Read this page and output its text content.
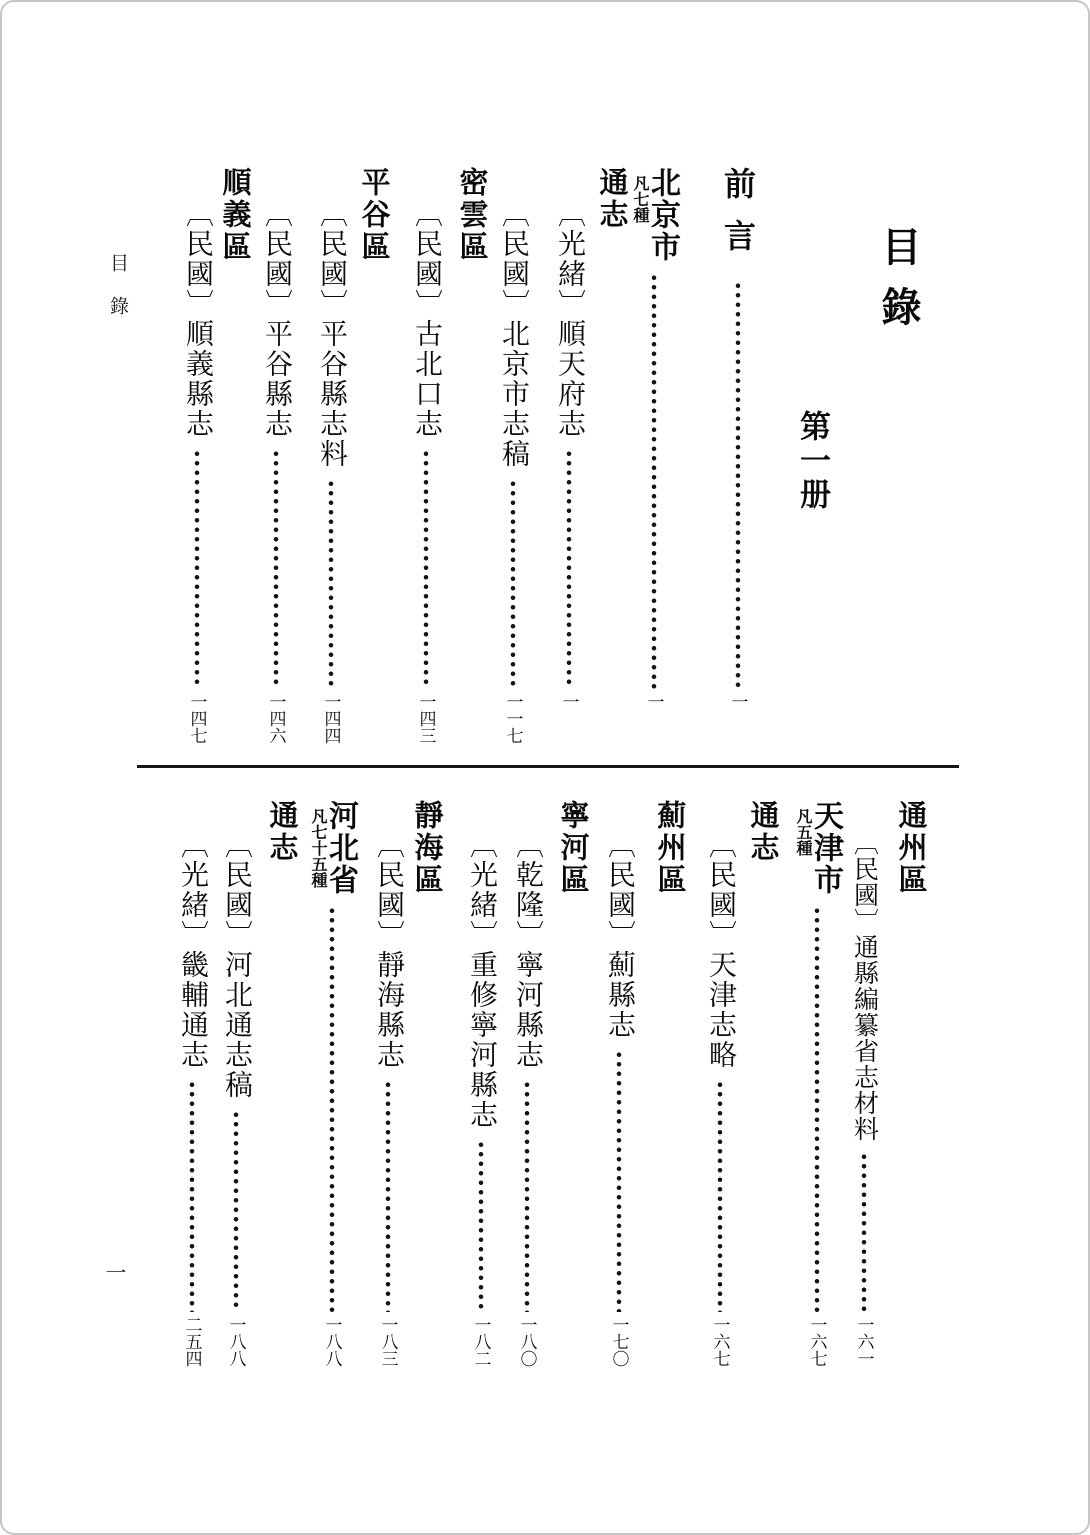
目錄
一
目錄
第一册
前言
一
北京市
凡七種
一
通志
〔光緒〕順天府志
一
〔民國〕北京市志稿
一一七
密雲區
〔民國〕古北口志
一四三
平谷區
〔民國〕平谷縣志料
一四四
〔民國〕平谷縣志
一四六
順義區
〔民國〕順義縣志
一四七
通州區
〔民國〕通縣編纂省志材料
一六一
天津市
凡五種
一六七
通志
〔民國〕天津志略
一六七
薊州區
〔民國〕薊縣志
一七〇
寧河區
〔乾隆〕寧河縣志
一八〇
〔光緒〕重修寧河縣志
一八二
靜海區
〔民國〕靜海縣志
一八三
河北省
凡七十五種
一八八
通志
〔民國〕河北通志稿
一八八
〔光緒〕畿輔通志
二五四
